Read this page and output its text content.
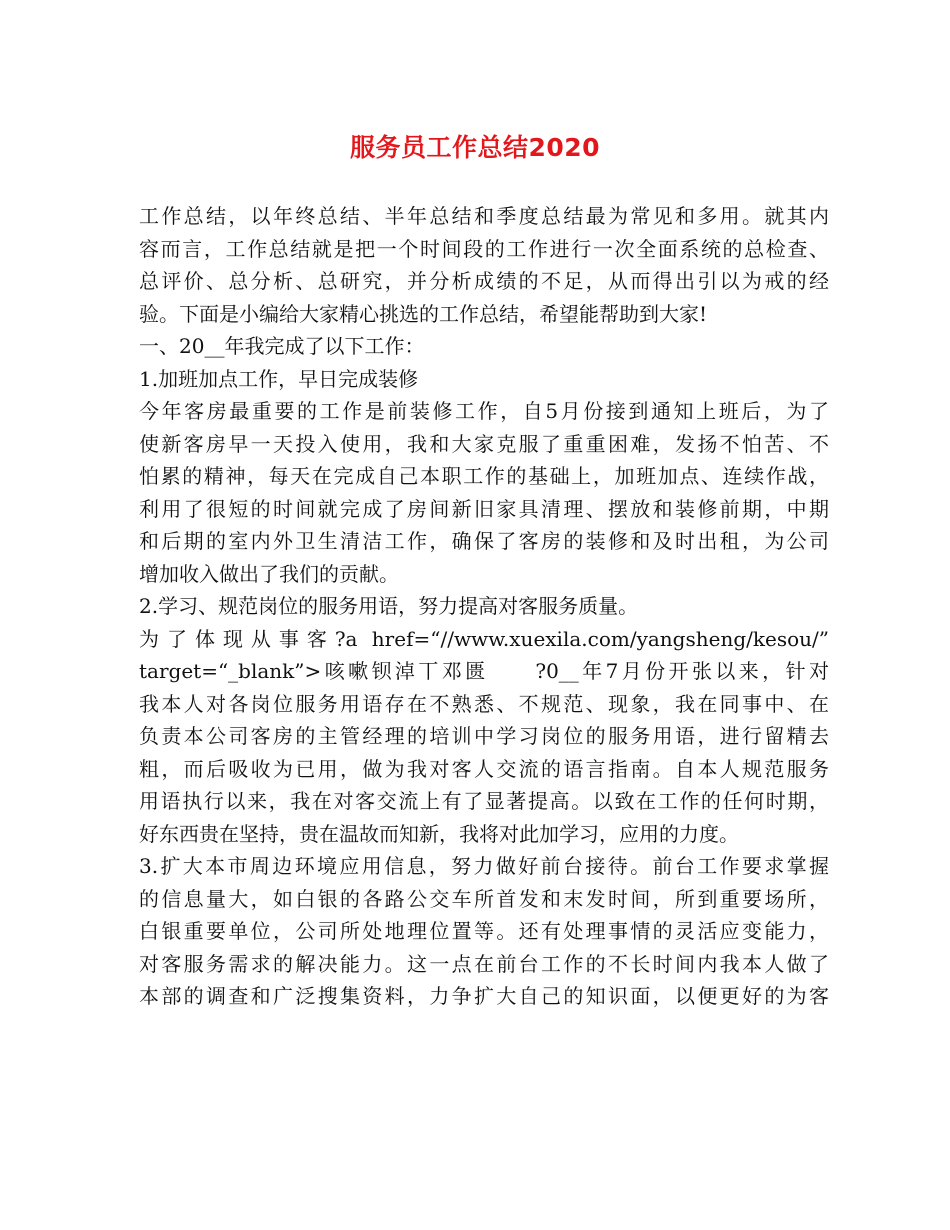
服务员工作总结2020
工作总结，以年终总结、半年总结和季度总结最为常见和多用。就其内
容而言，工作总结就是把一个时间段的工作进行一次全面系统的总检查、
总评价、总分析、总研究，并分析成绩的不足，从而得出引以为戒的经
验。下面是小编给大家精心挑选的工作总结，希望能帮助到大家!
一、20__年我完成了以下工作：
1.加班加点工作，早日完成装修
今年客房最重要的工作是前装修工作，自5月份接到通知上班后，为了
使新客房早一天投入使用，我和大家克服了重重困难，发扬不怕苦、不
怕累的精神，每天在完成自己本职工作的基础上，加班加点、连续作战，
利用了很短的时间就完成了房间新旧家具清理、摆放和装修前期，中期
和后期的室内外卫生清洁工作，确保了客房的装修和及时出租，为公司
增加收入做出了我们的贡献。
2.学习、规范岗位的服务用语，努力提高对客服务质量。
为了体现从事客?a href=“//www.xuexila.com/yangsheng/kesou/”
target=“_blank”>咳嗽钡淖丅邓匮　　?0__年7月份开张以来，针对
我本人对各岗位服务用语存在不熟悉、不规范、现象，我在同事中、在
负责本公司客房的主管经理的培训中学习岗位的服务用语，进行留精去
粗，而后吸收为已用，做为我对客人交流的语言指南。自本人规范服务
用语执行以来，我在对客交流上有了显著提高。以致在工作的任何时期，
好东西贵在坚持，贵在温故而知新，我将对此加学习，应用的力度。
3.扩大本市周边环境应用信息，努力做好前台接待。前台工作要求掌握
的信息量大，如白银的各路公交车所首发和末发时间，所到重要场所，
白银重要单位，公司所处地理位置等。还有处理事情的灵活应变能力，
对客服务需求的解决能力。这一点在前台工作的不长时间内我本人做了
本部的调查和广泛搜集资料，力争扩大自己的知识面，以便更好的为客
